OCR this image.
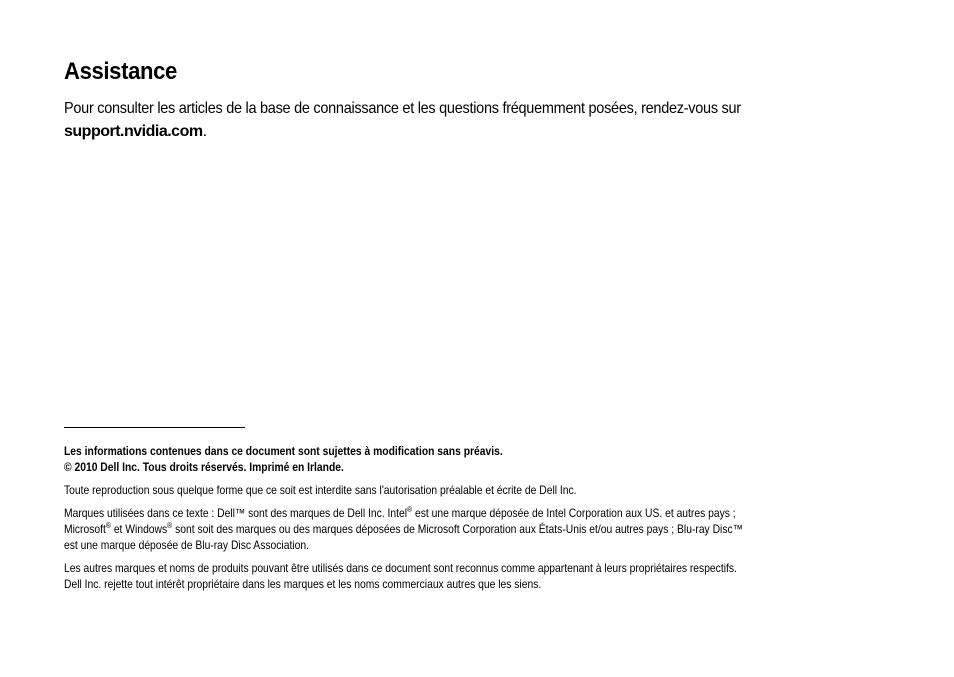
Assistance
Pour consulter les articles de la base de connaissance et les questions fréquemment posées, rendez-vous sur
support.nvidia.com.

Les informations contenues dans ce document sont sujettes à modification sans préavis.

© 2010 Dell Inc. Tous droits réservés. Imprimé en Irlande.

Toute reproduction sous quelque forme que ce soit est interdite sans l'autorisation préalable et écrite de Dell Inc.

Marques utilisées dans ce texte : Dell™ sont des marques de Dell Inc. Intel® est une marque déposée de Intel Corporation aux US. et autres pays ;

Microsoft® et Windows® sont soit des marques ou des marques déposées de Microsoft Corporation aux États-Unis et/ou autres pays ; Blu-ray Disc™

est une marque déposée de Blu-ray Disc Association.

Les autres marques et noms de produits pouvant être utilisés dans ce document sont reconnus comme appartenant à leurs propriétaires respectifs.

Dell Inc. rejette tout intérêt propriétaire dans les marques et les noms commerciaux autres que les siens.
